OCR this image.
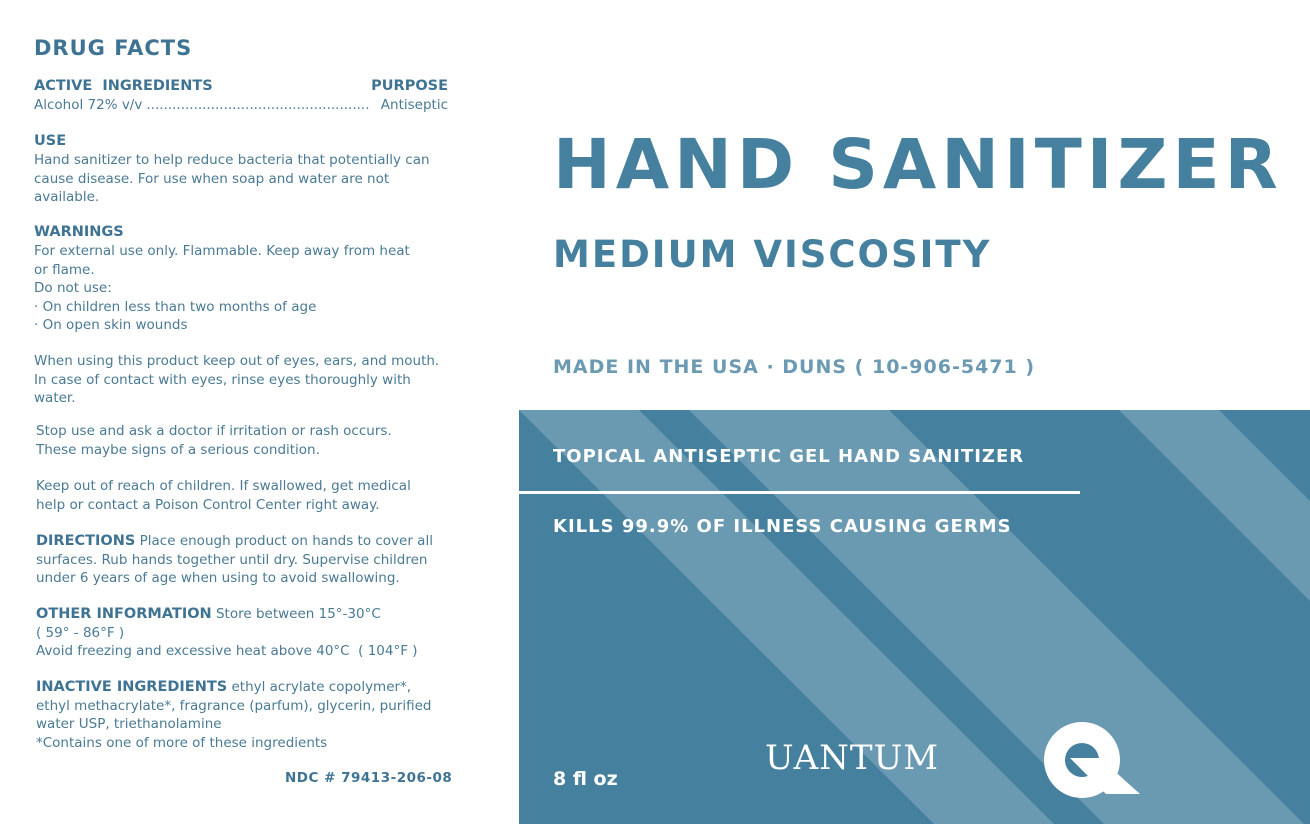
DRUG FACTS
ACTIVE  INGREDIENTS	PURPOSE
Alcohol 72% v/v .................................................... Antiseptic
USE
Hand sanitizer to help reduce bacteria that potentially can cause disease. For use when soap and water are not available.
WARNINGS
For external use only. Flammable. Keep away from heat
or flame.
Do not use:
· On children less than two months of age
· On open skin wounds
When using this product keep out of eyes, ears, and mouth. In case of contact with eyes, rinse eyes thoroughly with water.
Stop use and ask a doctor if irritation or rash occurs.
These maybe signs of a serious condition.
Keep out of reach of children. If swallowed, get medical
help or contact a Poison Control Center right away.
DIRECTIONS Place enough product on hands to cover all surfaces. Rub hands together until dry. Supervise children under 6 years of age when using to avoid swallowing.
OTHER INFORMATION Store between 15°-30°C
( 59° - 86°F )
Avoid freezing and excessive heat above 40°C  ( 104°F )
INACTIVE INGREDIENTS ethyl acrylate copolymer*, ethyl methacrylate*, fragrance (parfum), glycerin, purified water USP, triethanolamine
*Contains one of more of these ingredients
NDC # 79413-206-08
HAND SANITIZER
MEDIUM VISCOSITY
MADE IN THE USA · DUNS ( 10-906-5471 )
TOPICAL ANTISEPTIC GEL HAND SANITIZER
KILLS 99.9% OF ILLNESS CAUSING GERMS
8 fl oz
UANTUM
